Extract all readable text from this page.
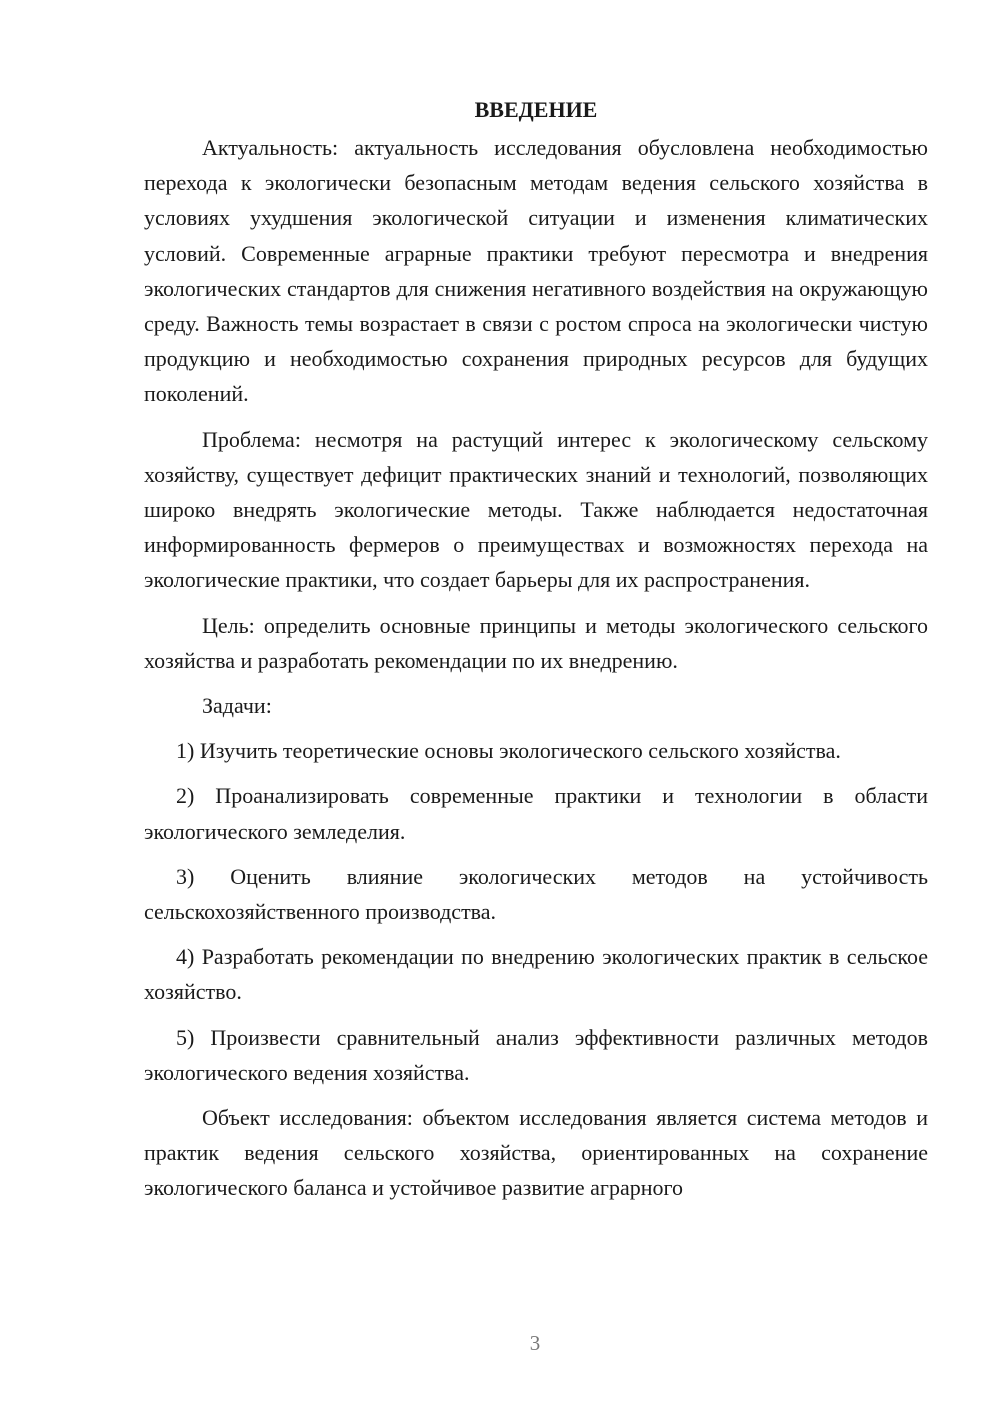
ВВЕДЕНИЕ

Актуальность: актуальность исследования обусловлена необходимостью перехода к экологически безопасным методам ведения сельского хозяйства в условиях ухудшения экологической ситуации и изменения климатических условий. Современные аграрные практики требуют пересмотра и внедрения экологических стандартов для снижения негативного воздействия на окружающую среду. Важность темы возрастает в связи с ростом спроса на экологически чистую продукцию и необходимостью сохранения природных ресурсов для будущих поколений.

Проблема: несмотря на растущий интерес к экологическому сельскому хозяйству, существует дефицит практических знаний и технологий, позволяющих широко внедрять экологические методы. Также наблюдается недостаточная информированность фермеров о преимуществах и возможностях перехода на экологические практики, что создает барьеры для их распространения.

Цель: определить основные принципы и методы экологического сельского хозяйства и разработать рекомендации по их внедрению.

Задачи:

1) Изучить теоретические основы экологического сельского хозяйства.

2) Проанализировать современные практики и технологии в области экологического земледелия.

3) Оценить влияние экологических методов на устойчивость сельскохозяйственного производства.

4) Разработать рекомендации по внедрению экологических практик в сельское хозяйство.

5) Произвести сравнительный анализ эффективности различных методов экологического ведения хозяйства.

Объект исследования: объектом исследования является система методов и практик ведения сельского хозяйства, ориентированных на сохранение экологического баланса и устойчивое развитие аграрного

3
